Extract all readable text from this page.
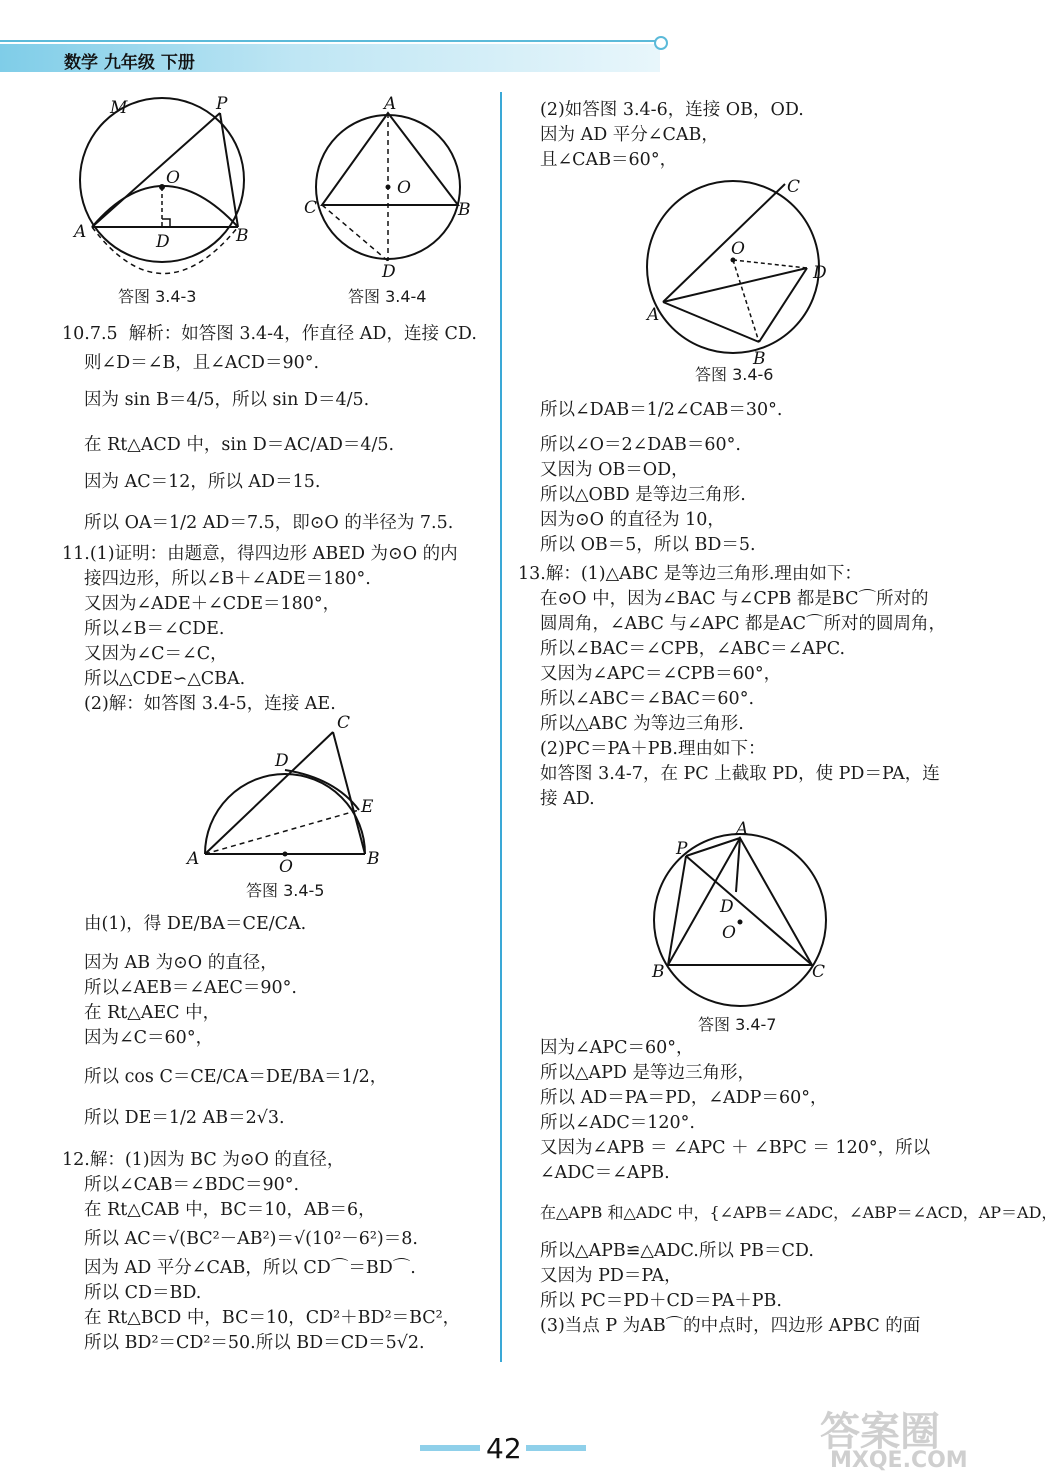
数学 九年级 下册
M	P
O
A	D	B
答图 3.4-3
A
O
C	B
D
答图 3.4-4
C
D
E
A	O	B
答图 3.4-5
C
O
D
A
B
答图 3.4-6
A
P
D
O
B	C
答图 3.4-7

10.7.5  解析：如答图 3.4-4，作直径 AD，连接 CD.

则∠D＝∠B，且∠ACD＝90°.

因为 sin B＝4/5，所以 sin D＝4/5.

在 Rt△ACD 中，sin D＝AC/AD＝4/5.

因为 AC＝12，所以 AD＝15.

所以 OA＝1/2 AD＝7.5，即⊙O 的半径为 7.5.

11.(1)证明：由题意，得四边形 ABED 为⊙O 的内

接四边形，所以∠B＋∠ADE＝180°.

又因为∠ADE＋∠CDE＝180°，

所以∠B＝∠CDE.

又因为∠C＝∠C，

所以△CDE∽△CBA.

(2)解：如答图 3.4-5，连接 AE.

由(1)，得 DE/BA＝CE/CA.

因为 AB 为⊙O 的直径，

所以∠AEB＝∠AEC＝90°.

在 Rt△AEC 中，

因为∠C＝60°，

所以 cos C＝CE/CA＝DE/BA＝1/2，

所以 DE＝1/2 AB＝2√3.

12.解：(1)因为 BC 为⊙O 的直径，

所以∠CAB＝∠BDC＝90°.

在 Rt△CAB 中，BC＝10，AB＝6，

所以 AC＝√(BC²－AB²)＝√(10²－6²)＝8.

因为 AD 平分∠CAB，所以 CD⌒＝BD⌒.

所以 CD＝BD.

在 Rt△BCD 中，BC＝10，CD²＋BD²＝BC²，

所以 BD²＝CD²＝50.所以 BD＝CD＝5√2.

(2)如答图 3.4-6，连接 OB，OD.

因为 AD 平分∠CAB，

且∠CAB＝60°，

所以∠DAB＝1/2∠CAB＝30°.

所以∠O＝2∠DAB＝60°.

又因为 OB＝OD，

所以△OBD 是等边三角形.

因为⊙O 的直径为 10，

所以 OB＝5，所以 BD＝5.

13.解：(1)△ABC 是等边三角形.理由如下：

在⊙O 中，因为∠BAC 与∠CPB 都是BC⌒所对的

圆周角，∠ABC 与∠APC 都是AC⌒所对的圆周角，

所以∠BAC＝∠CPB，∠ABC＝∠APC.

又因为∠APC＝∠CPB＝60°，

所以∠ABC＝∠BAC＝60°.

所以△ABC 为等边三角形.

(2)PC＝PA＋PB.理由如下：

如答图 3.4-7，在 PC 上截取 PD，使 PD＝PA，连

接 AD.

因为∠APC＝60°，

所以△APD 是等边三角形，

所以 AD＝PA＝PD，∠ADP＝60°，

所以∠ADC＝120°.

又因为∠APB ＝ ∠APC ＋ ∠BPC ＝ 120°，所以

∠ADC＝∠APB.

在△APB 和△ADC 中，{∠APB＝∠ADC，∠ABP＝∠ACD，AP＝AD，

所以△APB≌△ADC.所以 PB＝CD.

又因为 PD＝PA，

所以 PC＝PD＋CD＝PA＋PB.

(3)当点 P 为AB⌒的中点时，四边形 APBC 的面

42	答案圈
MXQE.COM
